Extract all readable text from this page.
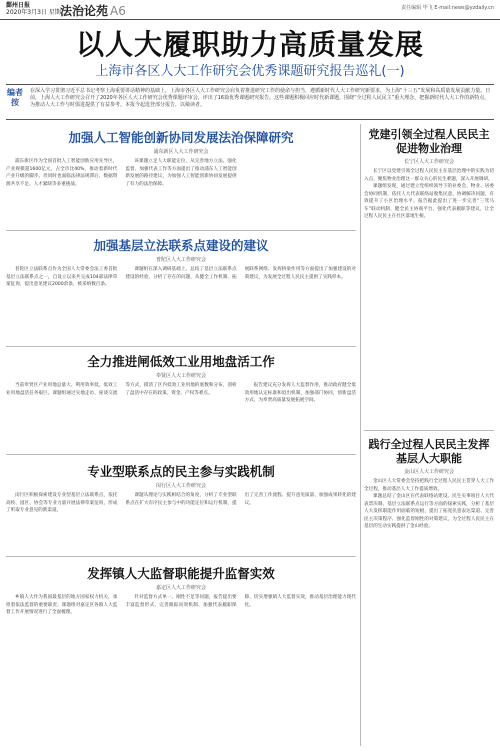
鄞州日报
2020年3月3日 星期二
法治论苑 A6	责任编辑 毕飞 E-mail:news@yzdaily.cn
以人大履职助力高质量发展
上海市各区人大工作研究会优秀课题研究报告巡礼(一)
编者按
在深入学习贯彻习近平总书记考察上海重要讲话精神的基础上，上海市各区人大工作研究会肩负着推进研究工作的使命与担当，遵循新时代人大工作研究新要求，为上海“十三五”发展和高质量发展贡献力量。日前，上海人大工作研究会召开了2020年各区人大工作研究会优秀课题评审会，评出了16篇优秀课题研究报告。这些课题积极回应时代新课题，围绕“全过程人民民主”重大理念，把握新时代人大工作的新特点，为推动人大工作与时俱进提供了有益参考。本报今起选登部分报告，以飨读者。
加强人工智能创新协同发展法治保障研究
浦东新区人大工作研究会

浦东新区作为全国首批人工智能创新应用先导区，产业规模超1600亿元，占全市比40%，推动着新时代产业升级的脚步。但同时也面临法律法规滞后、数据资源共享不足、人才紧缺等多重挑战。

该课题立足人大职能定位，从完善地方立法、强化监督、加强代表工作等方面提出了推动浦东人工智能创新发展的路径建议，为加强人工智能创新协同发展提供了有力的法治保障。

加强基层立法联系点建设的建议
普陀区人大工作研究会

普陀区立法联系点作为全国人大常委会法工委首批基层立法联系点之一，自设立以来共完成104部法律草案征询，提出意见建议2000余条，被采纳数百条。

课题组在深入调研基础上，总结了基层立法联系点建设的经验，分析了存在的问题，从健全工作机制、拓展联系网络、发挥桥梁作用等方面提出了加强建设的对策建议，为发展全过程人民民主提供了实践样本。

全力推进闸低效工业用地盘活工作
奉贤区人大工作研究会

当前奉贤区产业用地总量大、利用效率低，低效工业用地盘活任务艰巨。课题组通过实地走访、座谈交流等方式，摸清了区内低效工业用地的底数和分布，剖析了盘活中存在的政策、资金、产权等难点。

报告建议充分发挥人大监督作用，推动政府健全低效用地认定标准和退出机制，加强部门协同，创新盘活方式，为奉贤高质量发展拓展空间。

专业型联系点的民主参与实践机制
闵行区人大工作研究会

闵行区积极探索建设专业型基层立法联系点，依托高校、园区、协会等专业力量开展法律草案征询，形成了听取专业意见的新渠道。

课题从理论与实践相结合的角度，分析了专业型联系点在扩大有序民主参与中的功能定位和运行机制，提出了完善工作流程、提升意见质量、加强成果转化的建议。

发挥镇人大监督职能提升监督实效
嘉定区人大工作研究会

乡镇人大作为我国最基层的地方国家权力机关，承担着依法监督的重要职责。课题组对嘉定区各镇人大监督工作开展情况进行了全面梳理。

针对监督方式单一、刚性不足等问题，报告提出要丰富监督形式、完善跟踪问效机制、加强代表履职保障，切实增强镇人大监督实效，推动基层治理能力现代化。

党建引领全过程人民民主促进物业治理
长宁区人大工作研究会

长宁区以党建引领全过程人民民主在基层治理中的实践为切入点，聚焦物业治理这一群众关心的民生难题，深入开展调研。

课题组发现，通过建立党组织领导下的业委会、物业、居委会协同机制，依托人大代表联络站收集民意、协调解决问题，有效提升了小区治理水平。报告据此提出了进一步完善“三驾马车”联动机制、健全民主协商平台、强化代表履职等建议，让全过程人民民主在社区落地生根。

践行全过程人民民主发挥基层人大职能
金山区人大工作研究会

金山区人大常委会坚持把践行全过程人民民主贯穿人大工作全过程，推动基层人大工作提质增效。

课题总结了金山区在代表联络站建设、民生实事项目人大代表票决制、基层立法联系点运行等方面的探索实践，分析了基层人大发挥职能作用面临的短板，提出了拓宽民意表达渠道、完善民主决策程序、强化监督刚性的对策建议，为全过程人民民主在基层的生动实践提供了金山经验。
